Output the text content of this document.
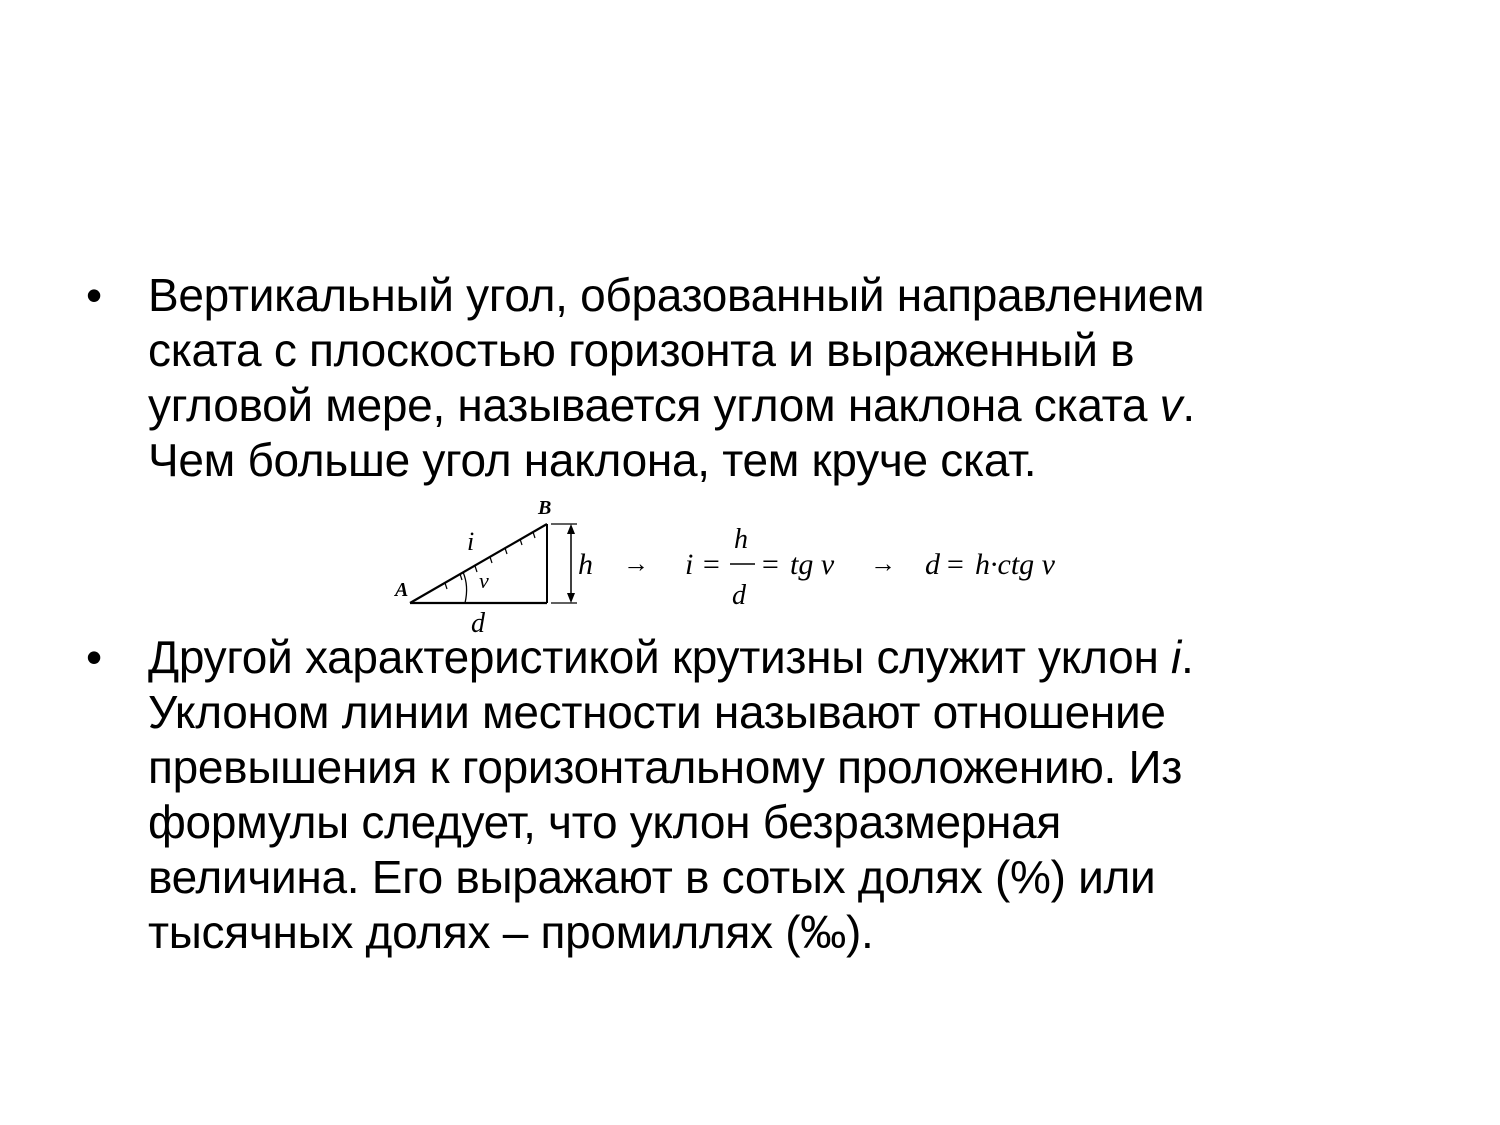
•	Вертикальный угол, образованный направлением
ската с плоскостью горизонта и выраженный в
угловой мере, называется углом наклона ската v.
Чем больше угол наклона, тем круче скат.
A
B
i
ν
d
h → i =
h
d
= tg ν → d = h·ctg ν
•	Другой характеристикой крутизны служит уклон i.
Уклоном линии местности называют отношение
превышения к горизонтальному проложению. Из
формулы следует, что уклон безразмерная
величина. Его выражают в сотых долях (%) или
тысячных долях – промиллях (‰).
